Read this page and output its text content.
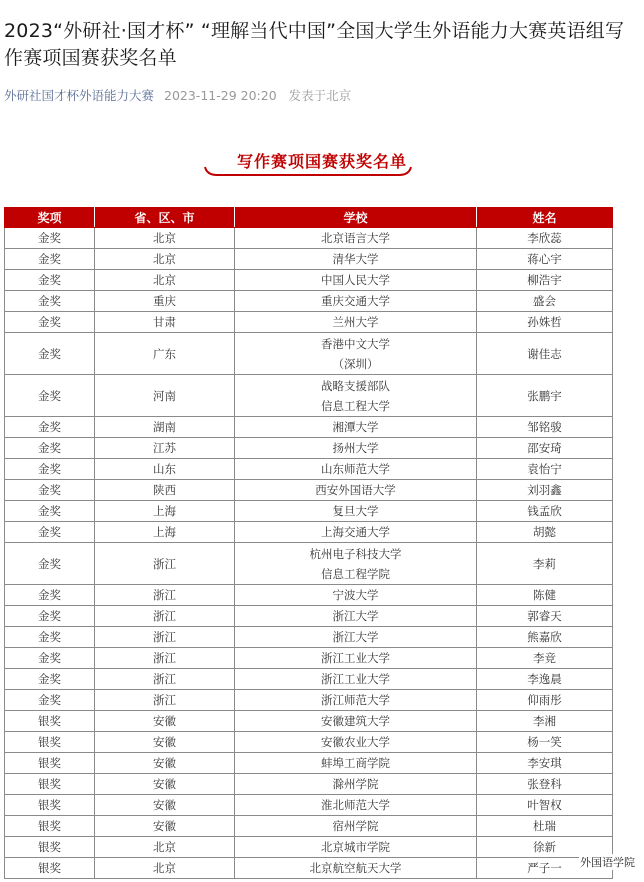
2023“外研社·国才杯” “理解当代中国”全国大学生外语能力大赛英语组写作赛项国赛获奖名单
外研社国才杯外语能力大赛 2023-11-29 20:20 发表于北京
写作赛项国赛获奖名单
奖项	省、区、市	学校	姓名
金奖	北京	北京语言大学	李欣蕊
金奖	北京	清华大学	蒋心宇
金奖	北京	中国人民大学	柳浩宇
金奖	重庆	重庆交通大学	盛会
金奖	甘肃	兰州大学	孙姝哲
金奖	广东	香港中文大学
（深圳）	谢佳志
金奖	河南	战略支援部队
信息工程大学	张鹏宇
金奖	湖南	湘潭大学	邹铭骏
金奖	江苏	扬州大学	邵安琦
金奖	山东	山东师范大学	袁怡宁
金奖	陕西	西安外国语大学	刘羽鑫
金奖	上海	复旦大学	钱孟欣
金奖	上海	上海交通大学	胡懿
金奖	浙江	杭州电子科技大学
信息工程学院	李莉
金奖	浙江	宁波大学	陈健
金奖	浙江	浙江大学	郭睿天
金奖	浙江	浙江大学	熊嘉欣
金奖	浙江	浙江工业大学	李竞
金奖	浙江	浙江工业大学	李逸晨
金奖	浙江	浙江师范大学	仰雨彤
银奖	安徽	安徽建筑大学	李湘
银奖	安徽	安徽农业大学	杨一笑
银奖	安徽	蚌埠工商学院	李安琪
银奖	安徽	滁州学院	张登科
银奖	安徽	淮北师范大学	叶智权
银奖	安徽	宿州学院	杜瑞
银奖	北京	北京城市学院	徐新
银奖	北京	北京航空航天大学	严子一 外国语学院
